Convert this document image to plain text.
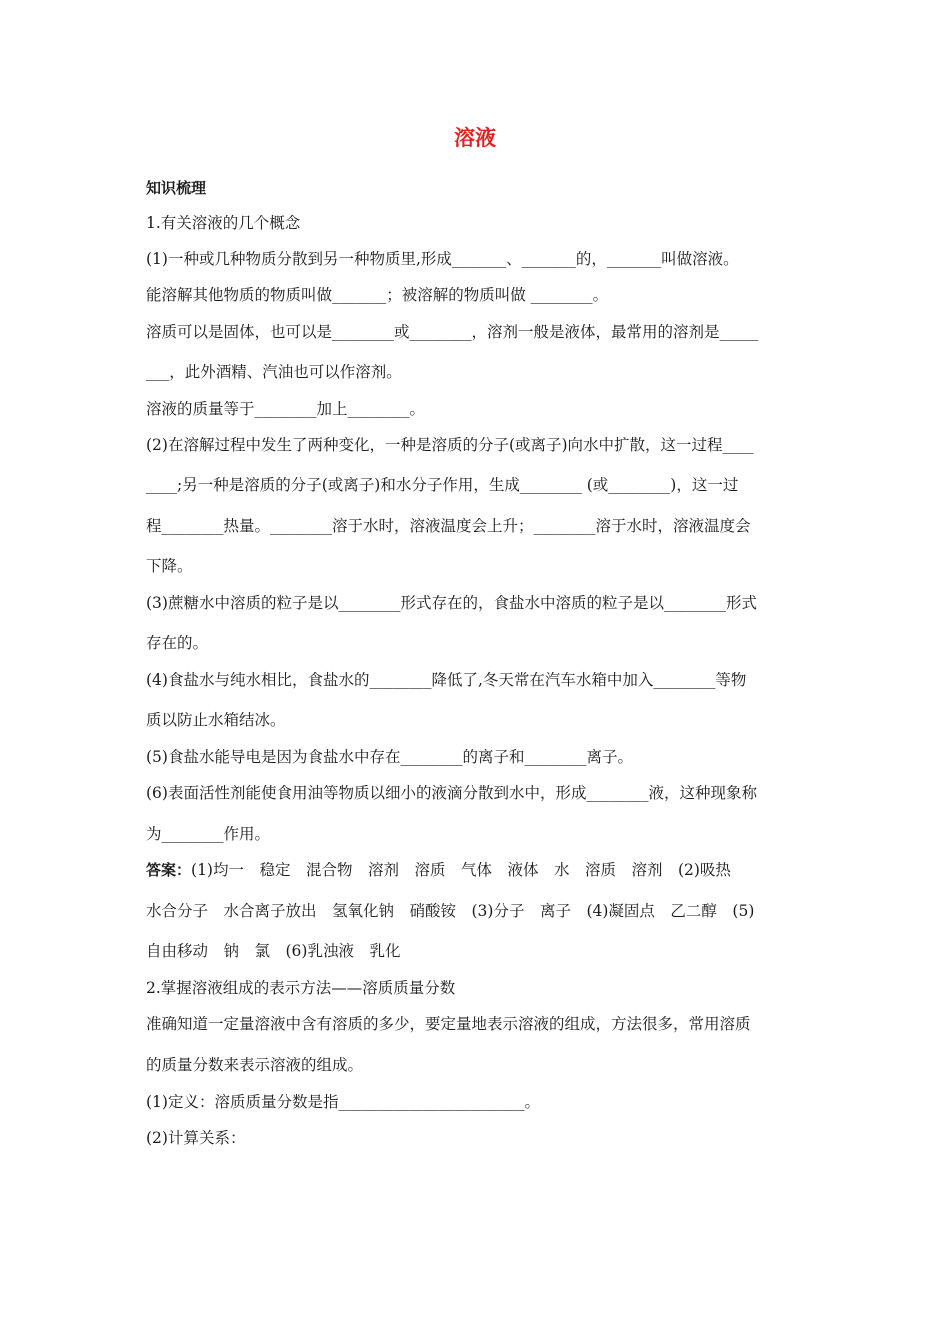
溶液
知识梳理
1.有关溶液的几个概念
(1)一种或几种物质分散到另一种物质里,形成_______、_______的，_______叫做溶液。
能溶解其他物质的物质叫做_______；被溶解的物质叫做 ________。
溶质可以是固体，也可以是________或________，溶剂一般是液体，最常用的溶剂是_____
___，此外酒精、汽油也可以作溶剂。
溶液的质量等于________加上________。
(2)在溶解过程中发生了两种变化，一种是溶质的分子(或离子)向水中扩散，这一过程____
____;另一种是溶质的分子(或离子)和水分子作用，生成________ (或________)，这一过
程________热量。________溶于水时，溶液温度会上升；________溶于水时，溶液温度会
下降。
(3)蔗糖水中溶质的粒子是以________形式存在的，食盐水中溶质的粒子是以________形式
存在的。
(4)食盐水与纯水相比，食盐水的________降低了,冬天常在汽车水箱中加入________等物
质以防止水箱结冰。
(5)食盐水能导电是因为食盐水中存在________的离子和________离子。
(6)表面活性剂能使食用油等物质以细小的液滴分散到水中，形成________液，这种现象称
为________作用。
答案：(1)均一　稳定　混合物　溶剂　溶质　气体　液体　水　溶质　溶剂　(2)吸热
水合分子　水合离子放出　氢氧化钠　硝酸铵　(3)分子　离子　(4)凝固点　乙二醇　(5)
自由移动　钠　氯　(6)乳浊液　乳化
2.掌握溶液组成的表示方法——溶质质量分数
准确知道一定量溶液中含有溶质的多少，要定量地表示溶液的组成，方法很多，常用溶质
的质量分数来表示溶液的组成。
(1)定义：溶质质量分数是指________________________。
(2)计算关系：
